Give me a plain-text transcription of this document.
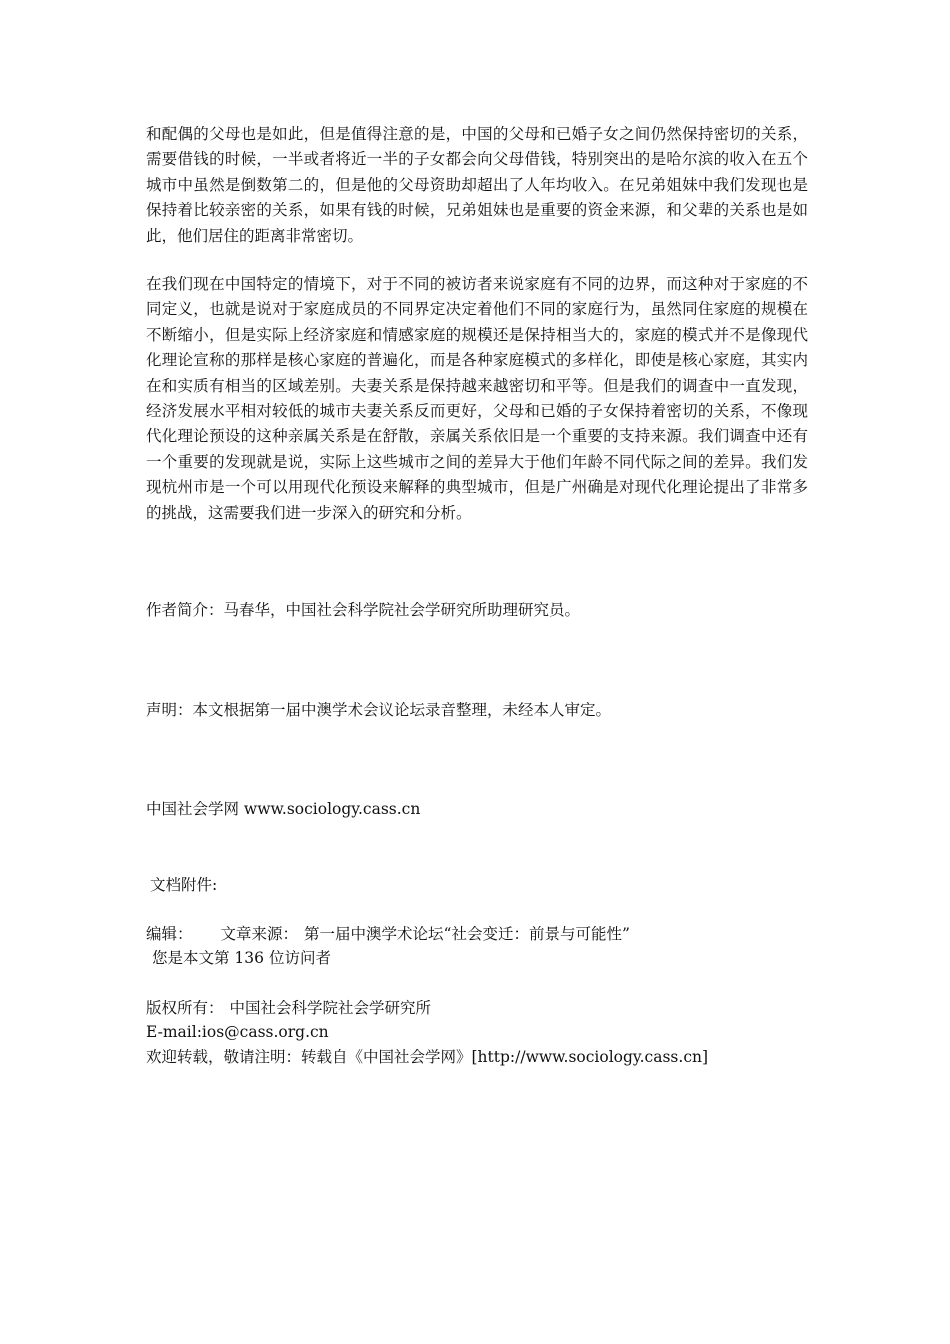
和配偶的父母也是如此，但是值得注意的是，中国的父母和已婚子女之间仍然保持密切的关系，需要借钱的时候，一半或者将近一半的子女都会向父母借钱，特别突出的是哈尔滨的收入在五个城市中虽然是倒数第二的，但是他的父母资助却超出了人年均收入。在兄弟姐妹中我们发现也是保持着比较亲密的关系，如果有钱的时候，兄弟姐妹也是重要的资金来源，和父辈的关系也是如此，他们居住的距离非常密切。

在我们现在中国特定的情境下，对于不同的被访者来说家庭有不同的边界，而这种对于家庭的不同定义，也就是说对于家庭成员的不同界定决定着他们不同的家庭行为，虽然同住家庭的规模在不断缩小，但是实际上经济家庭和情感家庭的规模还是保持相当大的，家庭的模式并不是像现代化理论宣称的那样是核心家庭的普遍化，而是各种家庭模式的多样化，即使是核心家庭，其实内在和实质有相当的区域差别。夫妻关系是保持越来越密切和平等。但是我们的调查中一直发现，经济发展水平相对较低的城市夫妻关系反而更好，父母和已婚的子女保持着密切的关系，不像现代化理论预设的这种亲属关系是在舒散，亲属关系依旧是一个重要的支持来源。我们调查中还有一个重要的发现就是说，实际上这些城市之间的差异大于他们年龄不同代际之间的差异。我们发现杭州市是一个可以用现代化预设来解释的典型城市，但是广州确是对现代化理论提出了非常多的挑战，这需要我们进一步深入的研究和分析。

作者简介：马春华，中国社会科学院社会学研究所助理研究员。

声明：本文根据第一届中澳学术会议论坛录音整理，未经本人审定。

中国社会学网 www.sociology.cass.cn

文档附件:

编辑： 文章来源： 第一届中澳学术论坛“社会变迁：前景与可能性”

您是本文第 136 位访问者

版权所有： 中国社会科学院社会学研究所

E-mail:ios@cass.org.cn

欢迎转载，敬请注明：转载自《中国社会学网》[http://www.sociology.cass.cn]
